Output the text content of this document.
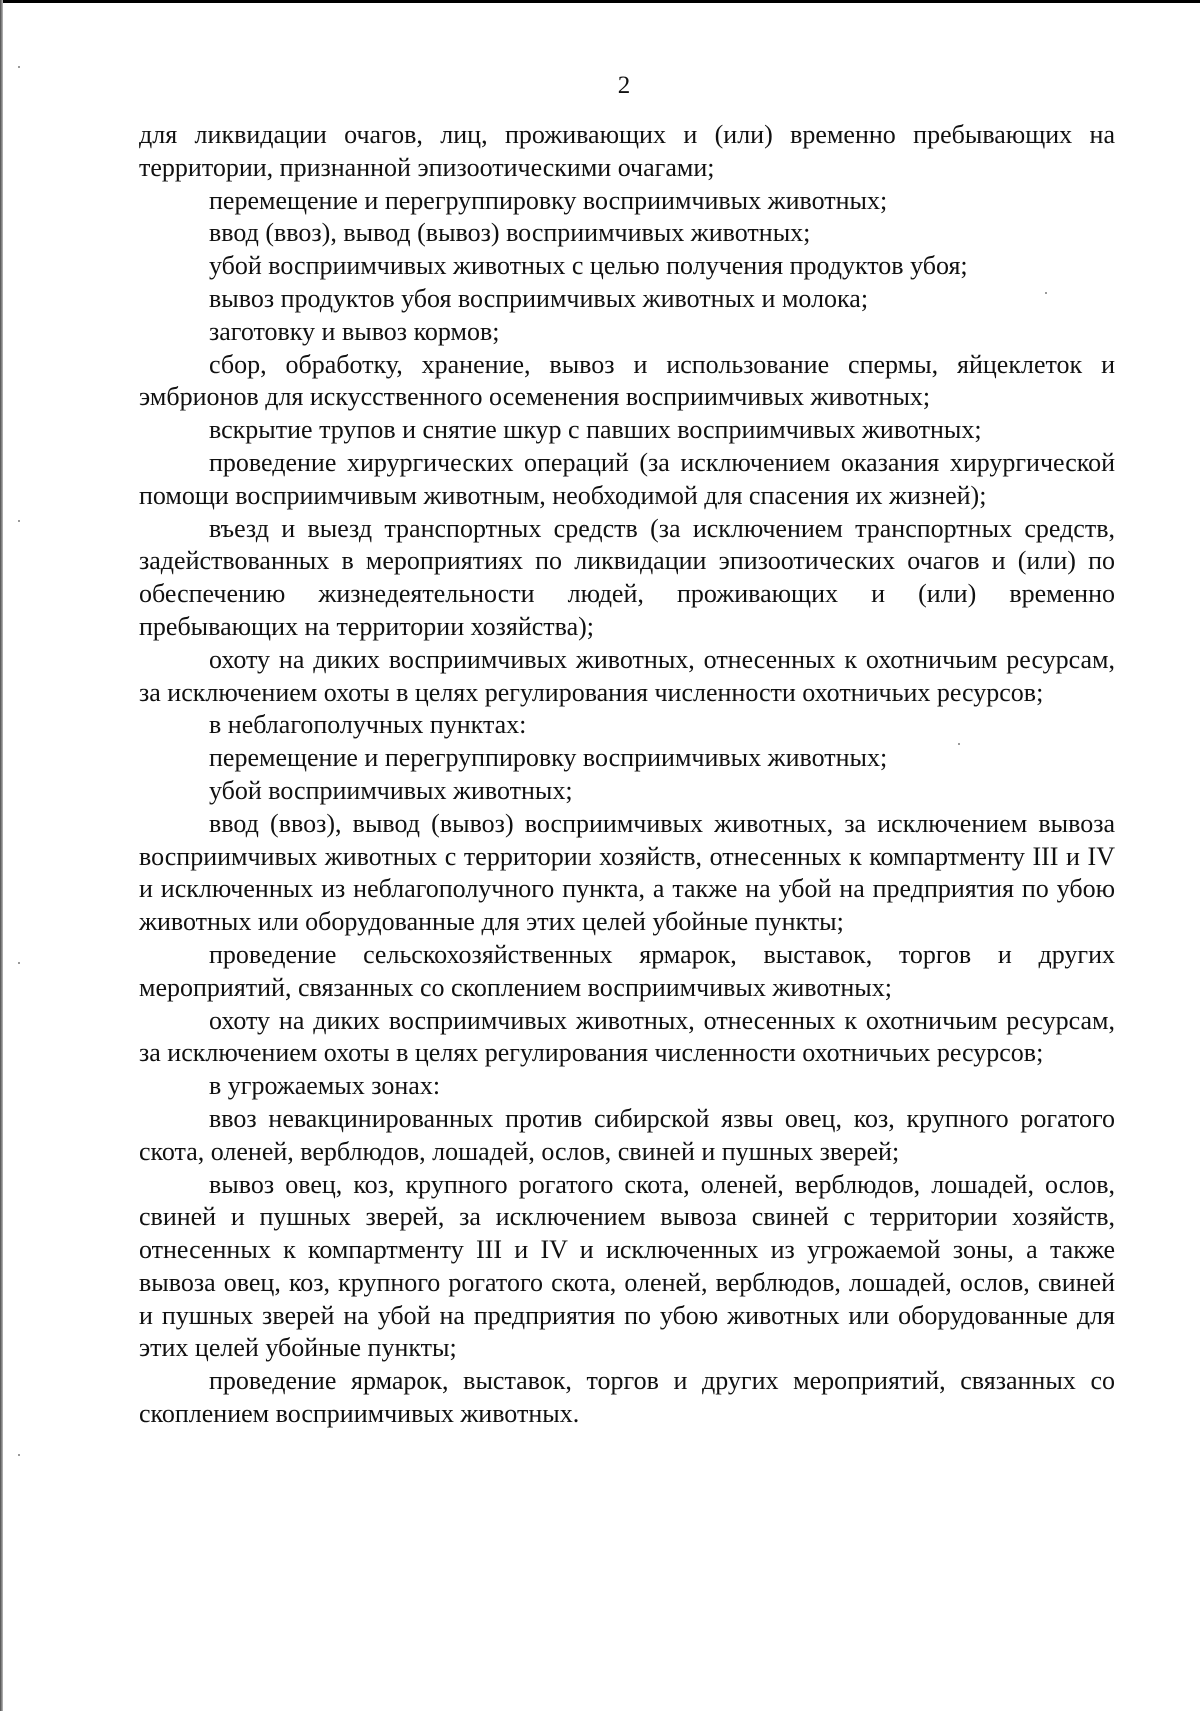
2

для ликвидации очагов, лиц, проживающих и (или) временно пребывающих на территории, признанной эпизоотическими очагами;

перемещение и перегруппировку восприимчивых животных;

ввод (ввоз), вывод (вывоз) восприимчивых животных;

убой восприимчивых животных с целью получения продуктов убоя;

вывоз продуктов убоя восприимчивых животных и молока;

заготовку и вывоз кормов;

сбор, обработку, хранение, вывоз и использование спермы, яйцеклеток и эмбрионов для искусственного осеменения восприимчивых животных;

вскрытие трупов и снятие шкур с павших восприимчивых животных;

проведение хирургических операций (за исключением оказания хирургической помощи восприимчивым животным, необходимой для спасения их жизней);

въезд и выезд транспортных средств (за исключением транспортных средств, задействованных в мероприятиях по ликвидации эпизоотических очагов и (или) по обеспечению жизнедеятельности людей, проживающих и (или) временно пребывающих на территории хозяйства);

охоту на диких восприимчивых животных, отнесенных к охотничьим ресурсам, за исключением охоты в целях регулирования численности охотничьих ресурсов;

в неблагополучных пунктах:

перемещение и перегруппировку восприимчивых животных;

убой восприимчивых животных;

ввод (ввоз), вывод (вывоз) восприимчивых животных, за исключением вывоза восприимчивых животных с территории хозяйств, отнесенных к компартменту III и IV и исключенных из неблагополучного пункта, а также на убой на предприятия по убою животных или оборудованные для этих целей убойные пункты;

проведение сельскохозяйственных ярмарок, выставок, торгов и других мероприятий, связанных со скоплением восприимчивых животных;

охоту на диких восприимчивых животных, отнесенных к охотничьим ресурсам, за исключением охоты в целях регулирования численности охотничьих ресурсов;

в угрожаемых зонах:

ввоз невакцинированных против сибирской язвы овец, коз, крупного рогатого скота, оленей, верблюдов, лошадей, ослов, свиней и пушных зверей;

вывоз овец, коз, крупного рогатого скота, оленей, верблюдов, лошадей, ослов, свиней и пушных зверей, за исключением вывоза свиней с территории хозяйств, отнесенных к компартменту III и IV и исключенных из угрожаемой зоны, а также вывоза овец, коз, крупного рогатого скота, оленей, верблюдов, лошадей, ослов, свиней и пушных зверей на убой на предприятия по убою животных или оборудованные для этих целей убойные пункты;

проведение ярмарок, выставок, торгов и других мероприятий, связанных со скоплением восприимчивых животных.
